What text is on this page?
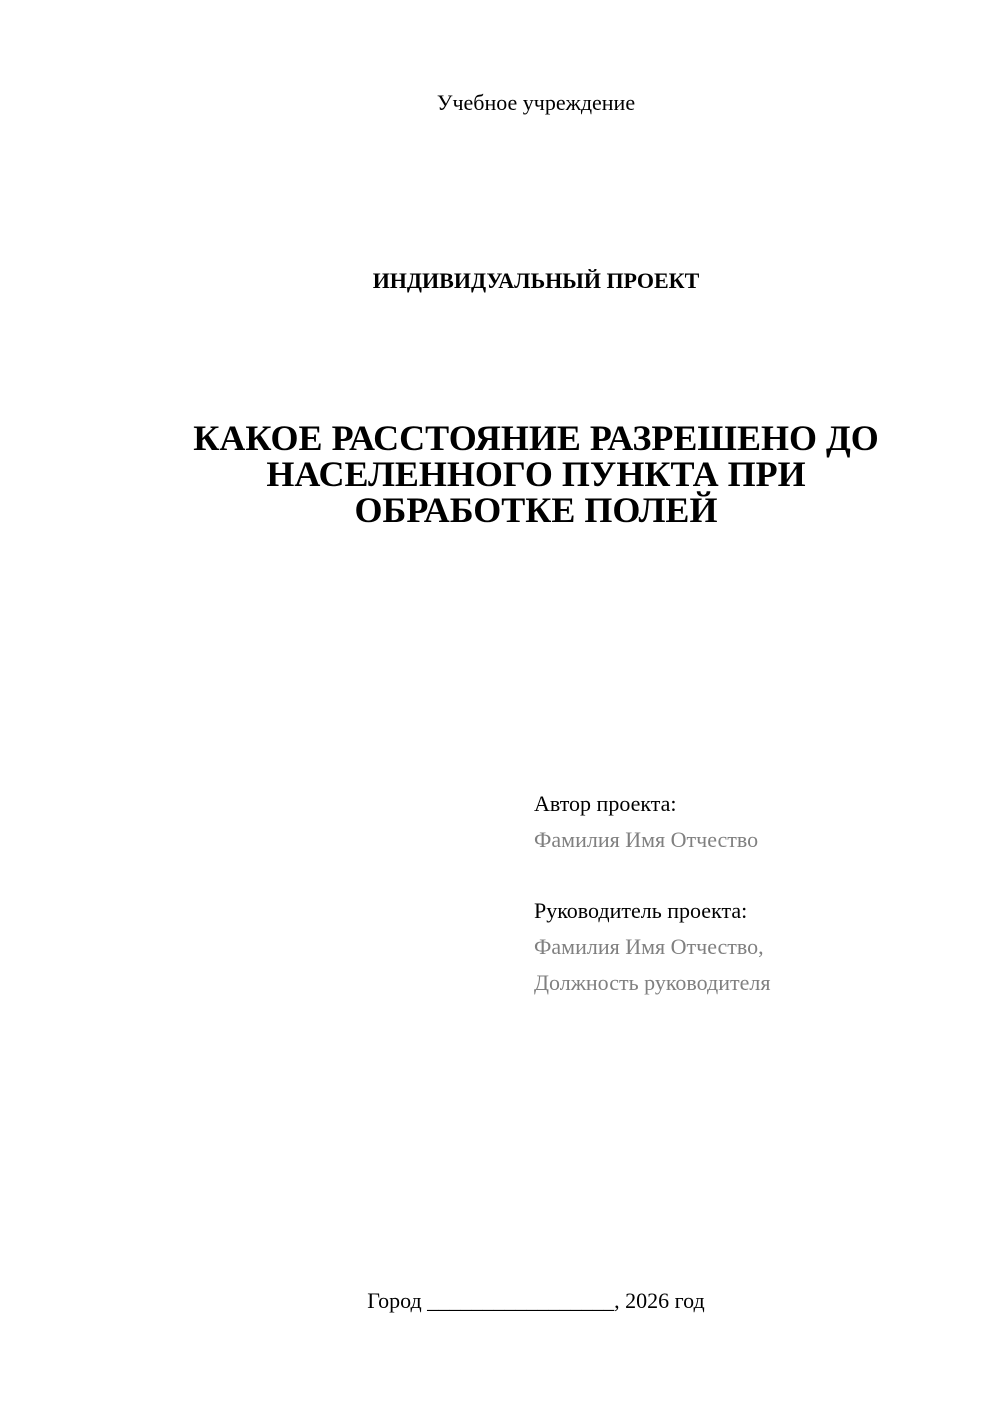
Учебное учреждение
ИНДИВИДУАЛЬНЫЙ ПРОЕКТ
КАКОЕ РАССТОЯНИЕ РАЗРЕШЕНО ДО
НАСЕЛЕННОГО ПУНКТА ПРИ
ОБРАБОТКЕ ПОЛЕЙ
Автор проекта:
Фамилия Имя Отчество
Руководитель проекта:
Фамилия Имя Отчество,
Должность руководителя
Город _________________, 2026 год
